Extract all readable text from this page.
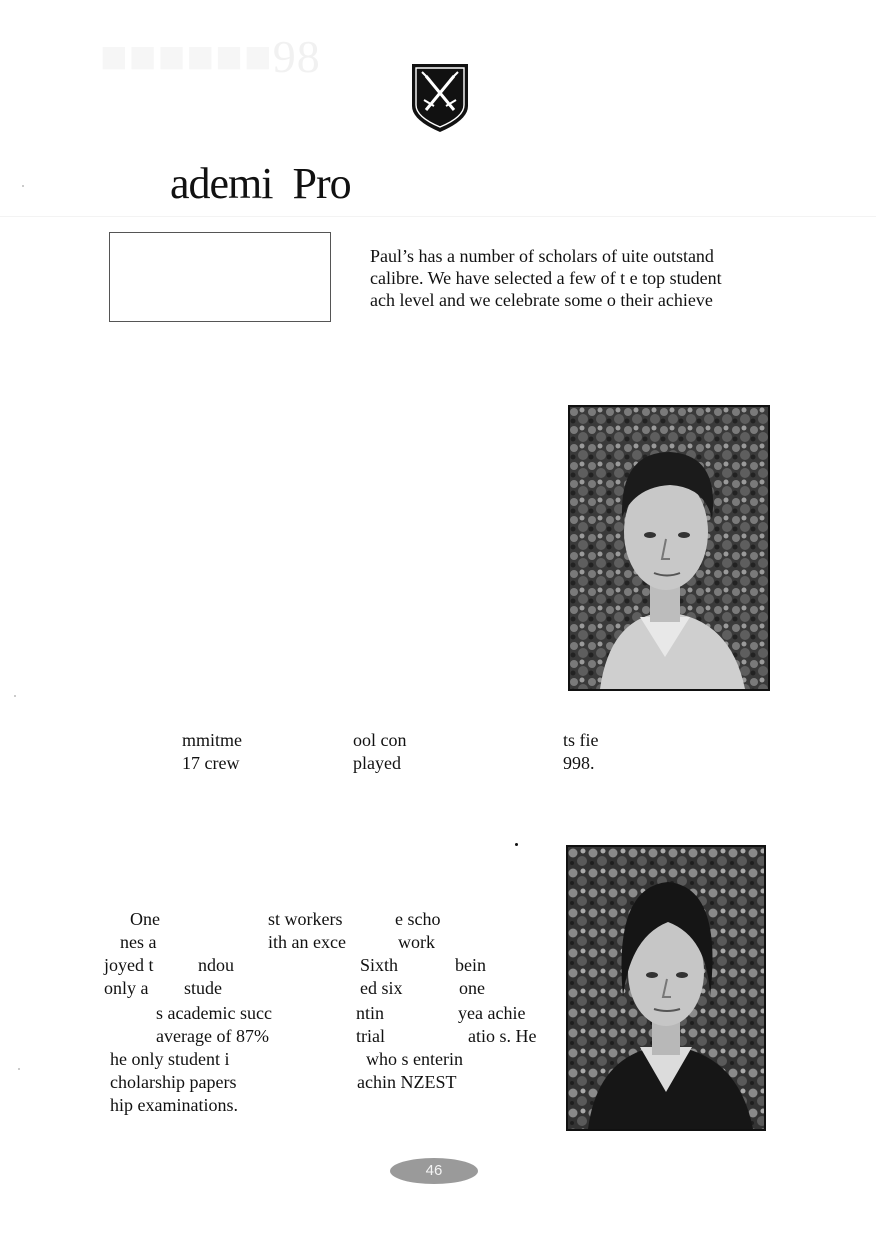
■■■■■■98
ademi Pro
Paul’s has a number of scholars of uite outstand
calibre. We have selected a few of t e top student
ach level and we celebrate some o their achieve
mmitme
17 crew
ool con
played
ts fie
998.
One
nes a
joyed t
only a
he only student i
cholarship papers
hip examinations.
ndou
stude
s academic succ
average of 87%
st workers
ith an exce
Sixth
ed six
ntin
trial
who s enterin
achin NZEST
e scho
work
bein
one
yea achie
atio s. He
46
